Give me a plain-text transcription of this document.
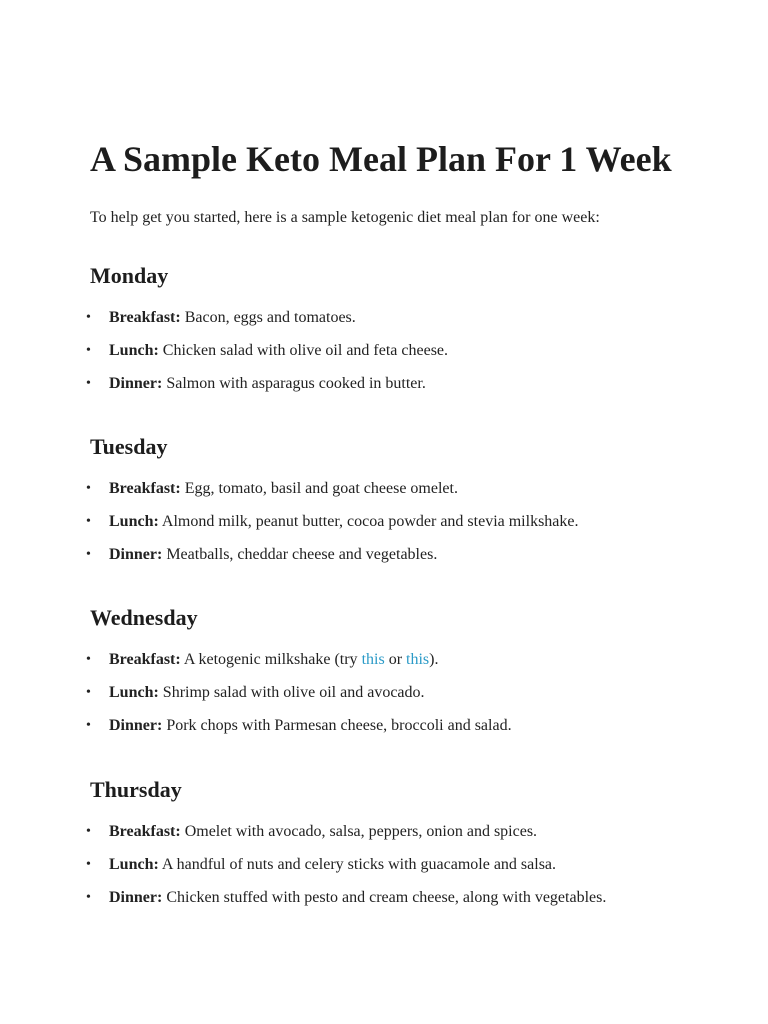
A Sample Keto Meal Plan For 1 Week

To help get you started, here is a sample ketogenic diet meal plan for one week:

Monday
• Breakfast: Bacon, eggs and tomatoes.
• Lunch: Chicken salad with olive oil and feta cheese.
• Dinner: Salmon with asparagus cooked in butter.
Tuesday
• Breakfast: Egg, tomato, basil and goat cheese omelet.
• Lunch: Almond milk, peanut butter, cocoa powder and stevia milkshake.
• Dinner: Meatballs, cheddar cheese and vegetables.
Wednesday
• Breakfast: A ketogenic milkshake (try this or this).
• Lunch: Shrimp salad with olive oil and avocado.
• Dinner: Pork chops with Parmesan cheese, broccoli and salad.
Thursday
• Breakfast: Omelet with avocado, salsa, peppers, onion and spices.
• Lunch: A handful of nuts and celery sticks with guacamole and salsa.
• Dinner: Chicken stuffed with pesto and cream cheese, along with vegetables.
